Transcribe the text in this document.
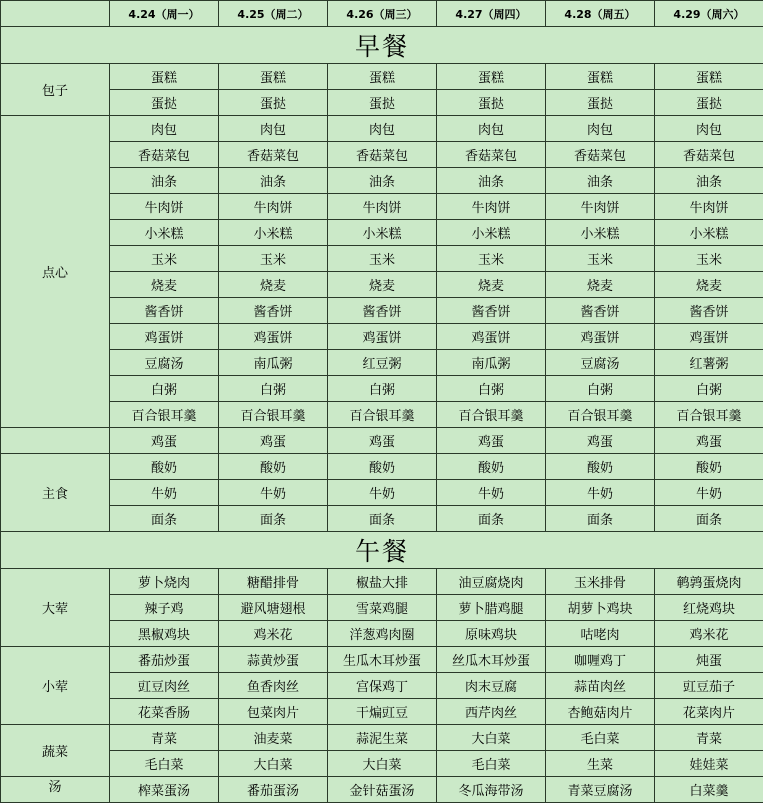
	4.24（周一）	4.25（周二）	4.26（周三）	4.27（周四）	4.28（周五）	4.29（周六）
早餐						
包子	蛋糕	蛋糕	蛋糕	蛋糕	蛋糕	蛋糕
	蛋挞	蛋挞	蛋挞	蛋挞	蛋挞	蛋挞
点心	肉包	肉包	肉包	肉包	肉包	肉包
	香菇菜包	香菇菜包	香菇菜包	香菇菜包	香菇菜包	香菇菜包
	油条	油条	油条	油条	油条	油条
	牛肉饼	牛肉饼	牛肉饼	牛肉饼	牛肉饼	牛肉饼
	小米糕	小米糕	小米糕	小米糕	小米糕	小米糕
	玉米	玉米	玉米	玉米	玉米	玉米
	烧麦	烧麦	烧麦	烧麦	烧麦	烧麦
	酱香饼	酱香饼	酱香饼	酱香饼	酱香饼	酱香饼
	鸡蛋饼	鸡蛋饼	鸡蛋饼	鸡蛋饼	鸡蛋饼	鸡蛋饼
	豆腐汤	南瓜粥	红豆粥	南瓜粥	豆腐汤	红薯粥
	白粥	白粥	白粥	白粥	白粥	白粥
	百合银耳羹	百合银耳羹	百合银耳羹	百合银耳羹	百合银耳羹	百合银耳羹
	鸡蛋	鸡蛋	鸡蛋	鸡蛋	鸡蛋	鸡蛋
主食	酸奶	酸奶	酸奶	酸奶	酸奶	酸奶
	牛奶	牛奶	牛奶	牛奶	牛奶	牛奶
	面条	面条	面条	面条	面条	面条
午餐						
大荤	萝卜烧肉	糖醋排骨	椒盐大排	油豆腐烧肉	玉米排骨	鹌鹑蛋烧肉
	辣子鸡	避风塘翅根	雪菜鸡腿	萝卜腊鸡腿	胡萝卜鸡块	红烧鸡块
	黑椒鸡块	鸡米花	洋葱鸡肉圈	原味鸡块	咕咾肉	鸡米花
小荤	番茄炒蛋	蒜黄炒蛋	生瓜木耳炒蛋	丝瓜木耳炒蛋	咖喱鸡丁	炖蛋
	豇豆肉丝	鱼香肉丝	宫保鸡丁	肉末豆腐	蒜苗肉丝	豇豆茄子
	花菜香肠	包菜肉片	干煸豇豆	西芹肉丝	杏鲍菇肉片	花菜肉片
蔬菜	青菜	油麦菜	蒜泥生菜	大白菜	毛白菜	青菜
	毛白菜	大白菜	大白菜	毛白菜	生菜	娃娃菜
汤	榨菜蛋汤	番茄蛋汤	金针菇蛋汤	冬瓜海带汤	青菜豆腐汤	白菜羹
